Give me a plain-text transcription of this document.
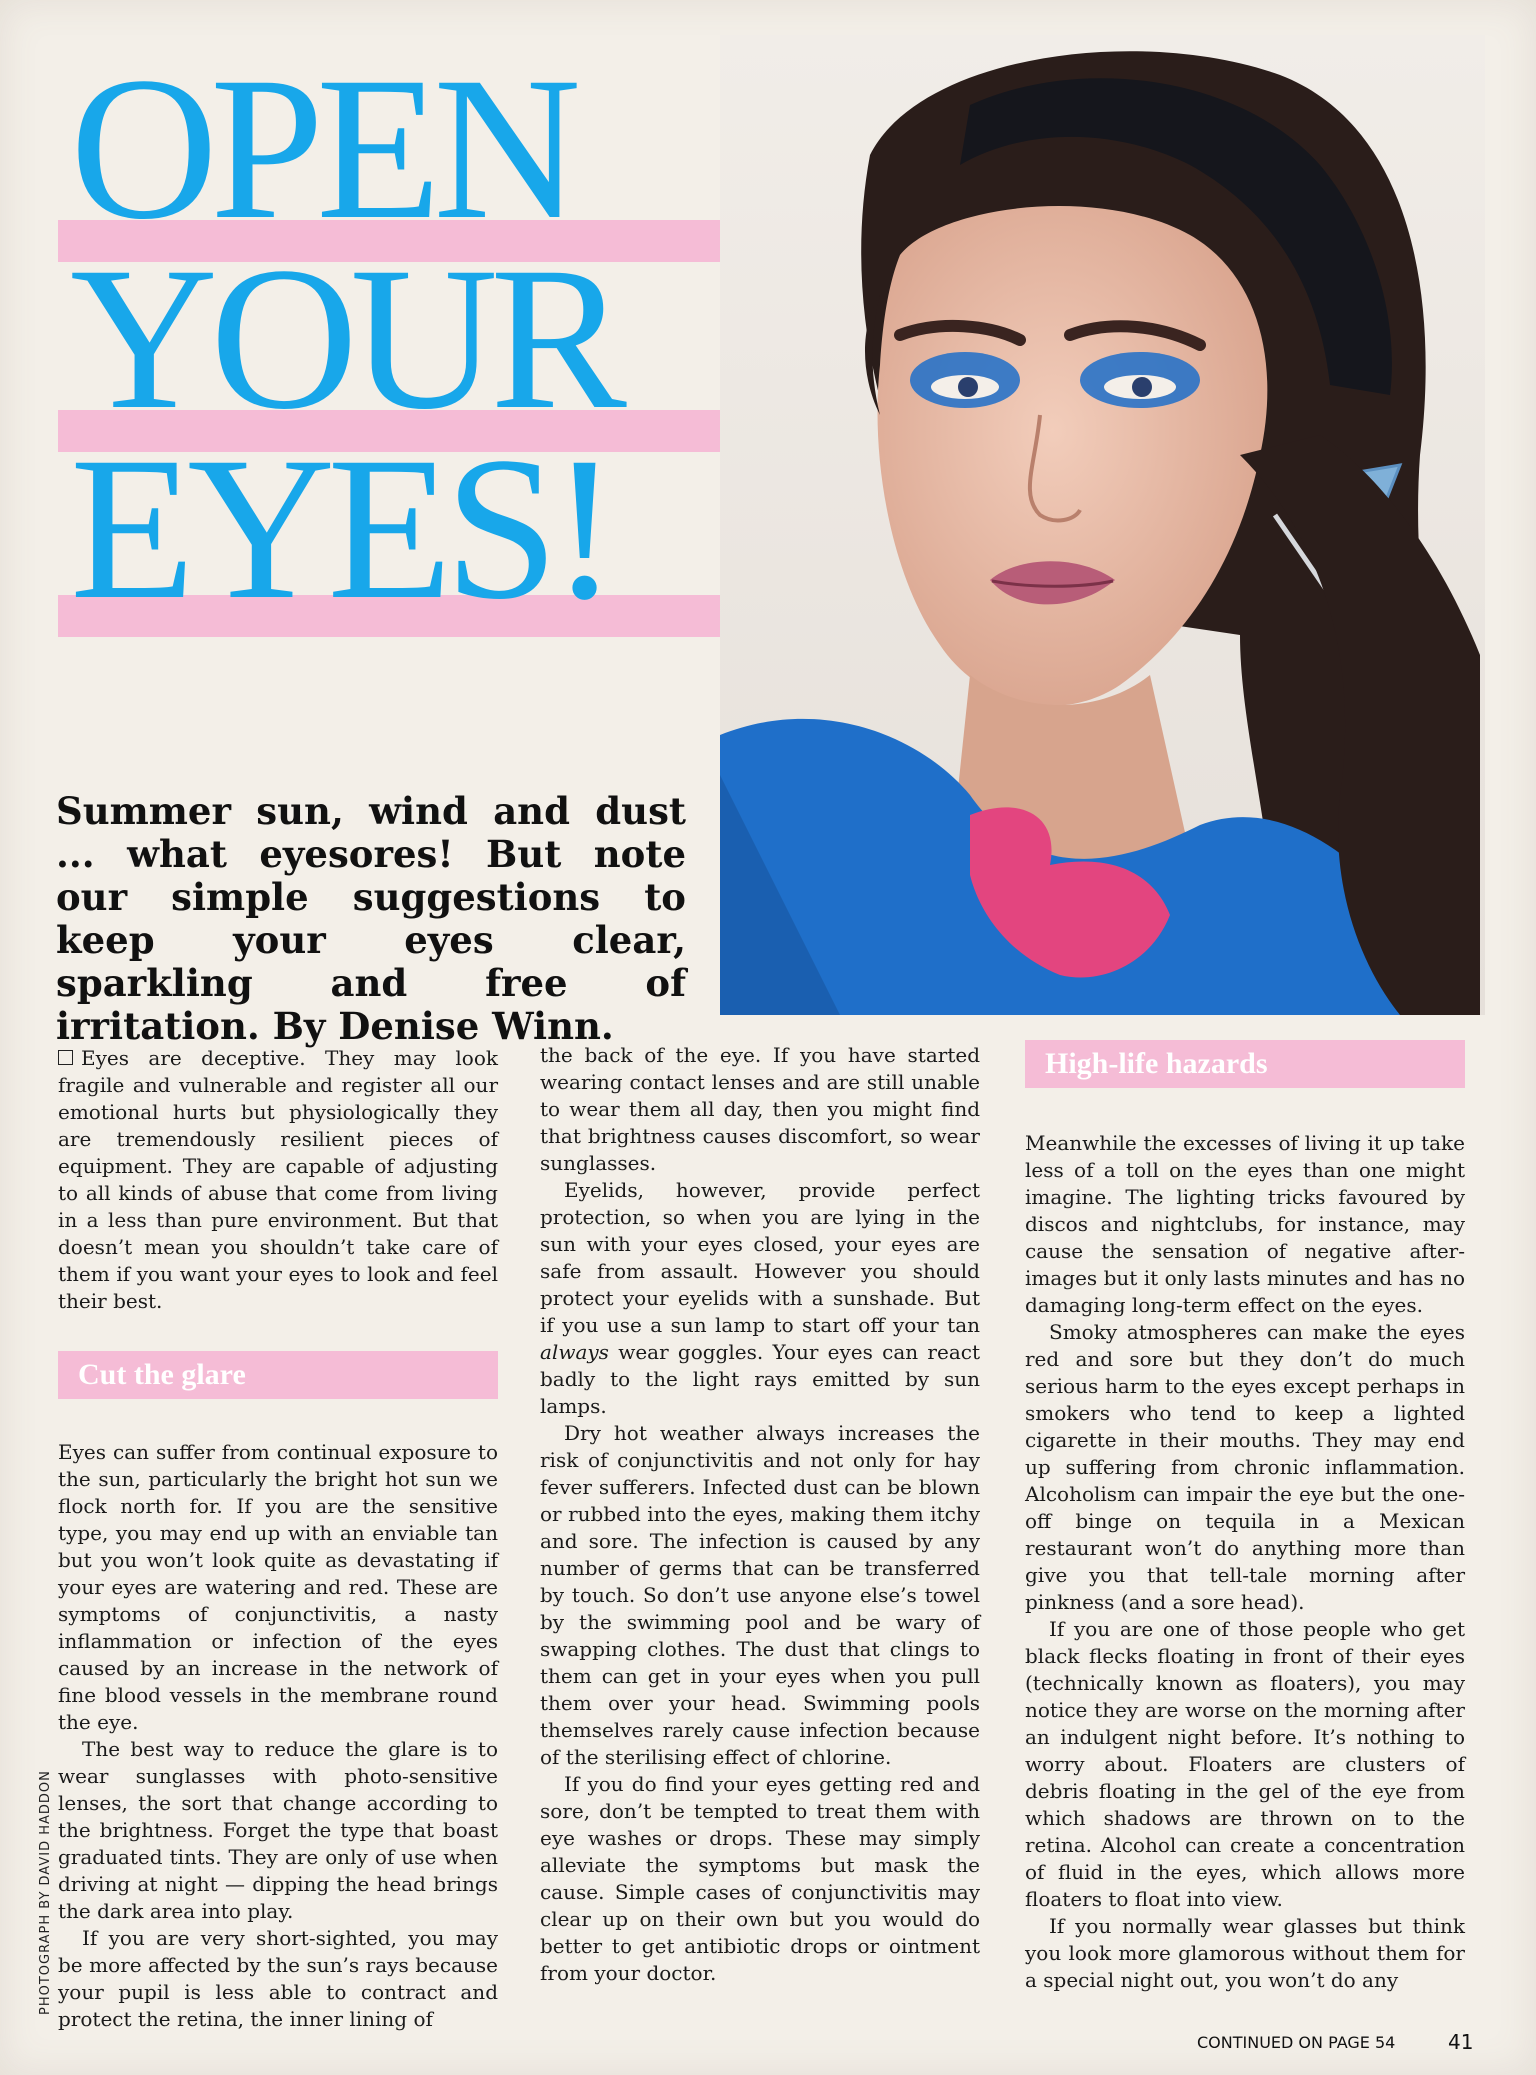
OPEN
YOUR
EYES!
Summer sun, wind and dust ... what eyesores! But note our simple suggestions to keep your eyes clear, sparkling and free of irritation. By Denise Winn.

Eyes are deceptive. They may look fragile and vulnerable and register all our emotional hurts but physiologically they are tremendously resilient pieces of equipment. They are capable of adjusting to all kinds of abuse that come from living in a less than pure environment. But that doesn’t mean you shouldn’t take care of them if you want your eyes to look and feel their best.

Cut the glare

Eyes can suffer from continual exposure to the sun, particularly the bright hot sun we flock north for. If you are the sensitive type, you may end up with an enviable tan but you won’t look quite as devastating if your eyes are watering and red. These are symptoms of conjunctivitis, a nasty inflammation or infection of the eyes caused by an increase in the network of fine blood vessels in the membrane round the eye.

The best way to reduce the glare is to wear sunglasses with photo-sensitive lenses, the sort that change according to the brightness. Forget the type that boast graduated tints. They are only of use when driving at night — dipping the head brings the dark area into play.

If you are very short-sighted, you may be more affected by the sun’s rays because your pupil is less able to contract and protect the retina, the inner lining of

the back of the eye. If you have started wearing contact lenses and are still unable to wear them all day, then you might find that brightness causes discomfort, so wear sunglasses.

Eyelids, however, provide perfect protection, so when you are lying in the sun with your eyes closed, your eyes are safe from assault. However you should protect your eyelids with a sunshade. But if you use a sun lamp to start off your tan always wear goggles. Your eyes can react badly to the light rays emitted by sun lamps.

Dry hot weather always increases the risk of conjunctivitis and not only for hay fever sufferers. Infected dust can be blown or rubbed into the eyes, making them itchy and sore. The infection is caused by any number of germs that can be transferred by touch. So don’t use anyone else’s towel by the swimming pool and be wary of swapping clothes. The dust that clings to them can get in your eyes when you pull them over your head. Swimming pools themselves rarely cause infection because of the sterilising effect of chlorine.

If you do find your eyes getting red and sore, don’t be tempted to treat them with eye washes or drops. These may simply alleviate the symptoms but mask the cause. Simple cases of conjunctivitis may clear up on their own but you would do better to get antibiotic drops or ointment from your doctor.

High-life hazards

Meanwhile the excesses of living it up take less of a toll on the eyes than one might imagine. The lighting tricks favoured by discos and nightclubs, for instance, may cause the sensation of negative after-images but it only lasts minutes and has no damaging long-term effect on the eyes.

Smoky atmospheres can make the eyes red and sore but they don’t do much serious harm to the eyes except perhaps in smokers who tend to keep a lighted cigarette in their mouths. They may end up suffering from chronic inflammation. Alcoholism can impair the eye but the one-off binge on tequila in a Mexican restaurant won’t do anything more than give you that tell-tale morning after pinkness (and a sore head).

If you are one of those people who get black flecks floating in front of their eyes (technically known as floaters), you may notice they are worse on the morning after an indulgent night before. It’s nothing to worry about. Floaters are clusters of debris floating in the gel of the eye from which shadows are thrown on to the retina. Alcohol can create a concentration of fluid in the eyes, which allows more floaters to float into view.

If you normally wear glasses but think you look more glamorous without them for a special night out, you won’t do any

PHOTOGRAPH BY DAVID HADDON
CONTINUED ON PAGE 54	41
